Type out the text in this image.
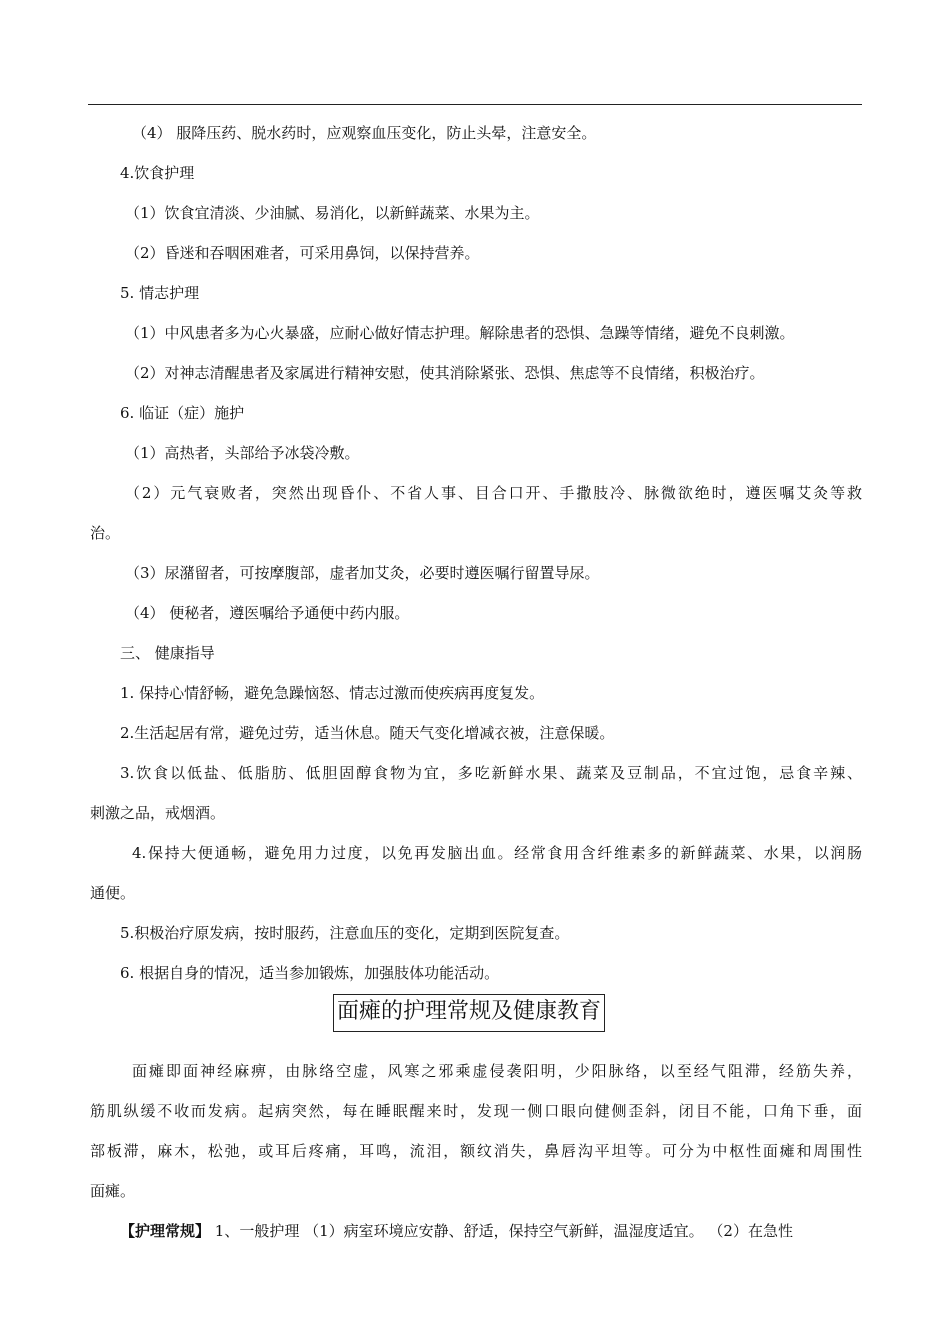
（4） 服降压药、脱水药时，应观察血压变化，防止头晕，注意安全。
4.饮食护理
（1）饮食宜清淡、少油腻、易消化，以新鲜蔬菜、水果为主。
（2）昏迷和吞咽困难者，可采用鼻饲，以保持营养。
5. 情志护理
（1）中风患者多为心火暴盛，应耐心做好情志护理。解除患者的恐惧、急躁等情绪，避免不良刺激。
（2）对神志清醒患者及家属进行精神安慰，使其消除紧张、恐惧、焦虑等不良情绪，积极治疗。
6. 临证（症）施护
（1）高热者，头部给予冰袋冷敷。
（2）元气衰败者，突然出现昏仆、不省人事、目合口开、手撒肢冷、脉微欲绝时，遵医嘱艾灸等救
治。
（3）尿潴留者，可按摩腹部，虚者加艾灸，必要时遵医嘱行留置导尿。
（4） 便秘者，遵医嘱给予通便中药内服。
三、 健康指导
1. 保持心情舒畅，避免急躁恼怒、情志过激而使疾病再度复发。
2.生活起居有常，避免过劳，适当休息。随天气变化增减衣被，注意保暖。
3.饮食以低盐、低脂肪、低胆固醇食物为宜，多吃新鲜水果、蔬菜及豆制品，不宜过饱，忌食辛辣、
刺激之品，戒烟酒。
4.保持大便通畅，避免用力过度，以免再发脑出血。经常食用含纤维素多的新鲜蔬菜、水果，以润肠
通便。
5.积极治疗原发病，按时服药，注意血压的变化，定期到医院复查。
6. 根据自身的情况，适当参加锻炼，加强肢体功能活动。
面瘫的护理常规及健康教育
面瘫即面神经麻痹，由脉络空虚，风寒之邪乘虚侵袭阳明，少阳脉络，以至经气阻滞，经筋失养，
筋肌纵缓不收而发病。起病突然，每在睡眠醒来时，发现一侧口眼向健侧歪斜，闭目不能，口角下垂，面
部板滞，麻木，松弛，或耳后疼痛，耳鸣，流泪，额纹消失，鼻唇沟平坦等。可分为中枢性面瘫和周围性
面瘫。
【护理常规】 1、一般护理 （1）病室环境应安静、舒适，保持空气新鲜，温湿度适宜。 （2）在急性
